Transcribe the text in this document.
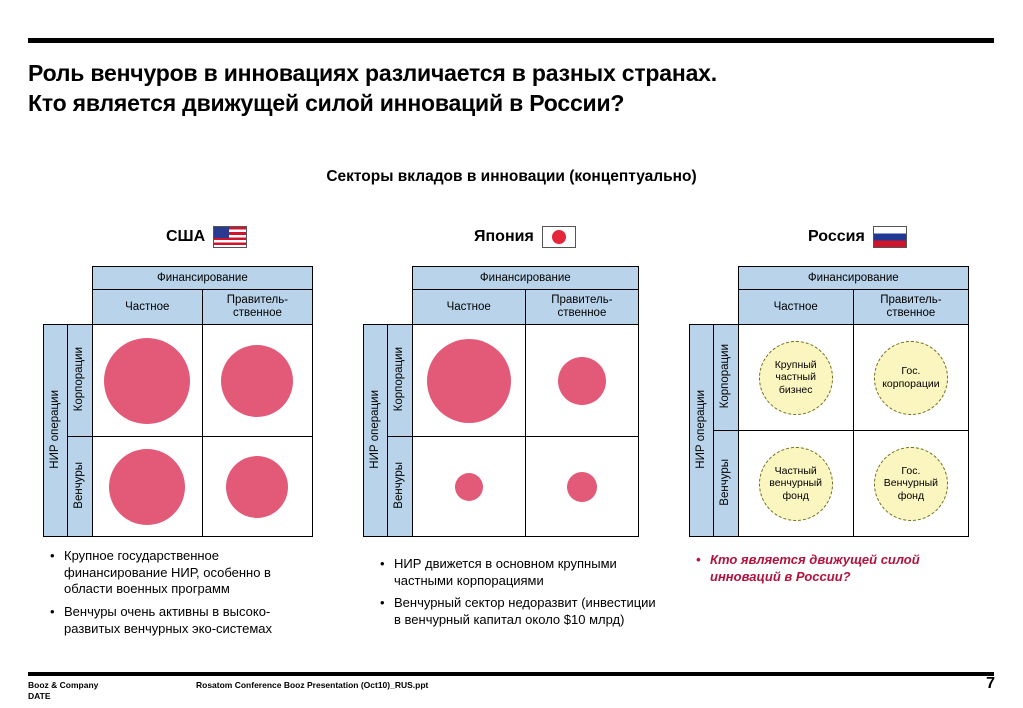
Роль венчуров в инновациях различается в разных странах.
Кто является движущей силой инноваций в России?
Секторы вкладов в инновации (концептуально)
США
		Финансирование	
		Частное	Правитель-
ственное

НИР операции	Корпорации	

	Венчуры	

• Крупное государственное финансирование НИР, особенно в области военных программ
• Венчуры очень активны в высоко-развитых венчурных эко-системах
Япония
		Финансирование	
		Частное	Правитель-
ственное

НИР операции	Корпорации	

	Венчуры	

• НИР движется в основном крупными частными корпорациями
• Венчурный сектор недоразвит (инвестиции в венчурный капитал около $10 млрд)
Россия
		Финансирование	
		Частное	Правитель-
ственное

НИР операции	Корпорации	Крупный частный бизнес	Гос. корпорации

	Венчуры	Частный венчурный фонд	Гос. Венчурный фонд
• Кто является движущей силой инноваций в России?
Booz & Company
DATE
Rosatom Conference Booz Presentation (Oct10)_RUS.ppt	7
